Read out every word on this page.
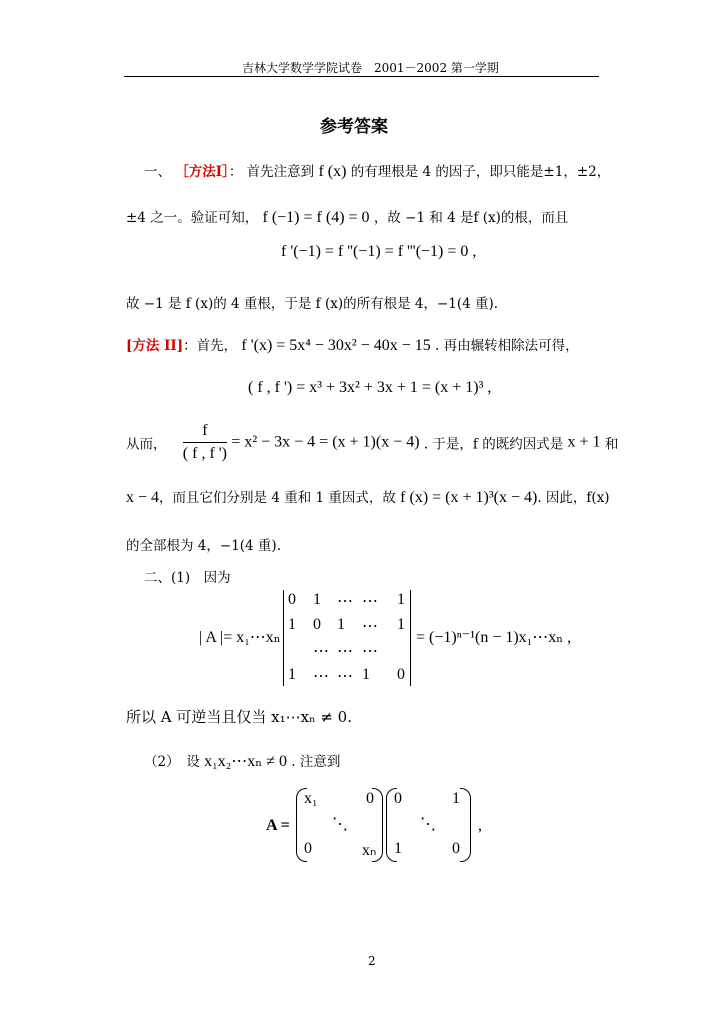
吉林大学数学学院试卷　2001－2002 第一学期
参考答案
一、 ［方法Ⅰ］： 首先注意到 f (x) 的有理根是 4 的因子，即只能是±1，±2，
±4 之一。验证可知， f (−1) = f (4) = 0 ，故 −1 和 4 是f (x)的根，而且
f '(−1) = f ''(−1) = f '''(−1) = 0 ,
故 −1 是 f (x)的 4 重根，于是 f (x)的所有根是 4，−1(4 重).
[方法 II]：首先， f '(x) = 5x⁴ − 30x² − 40x − 15 . 再由辗转相除法可得，
( f , f ') = x³ + 3x² + 3x + 1 = (x + 1)³ ,
从而， $\frac{f}{( f , f ')} = x^2 - 3x - 4 = (x + 1)(x - 4)$ . 于是，f 的既约因式是 x + 1 和
x − 4，而且它们分别是 4 重和 1 重因式，故 f (x) = (x + 1)³(x − 4). 因此，f(x)
的全部根为 4，−1(4 重).
二、(1)　因为
| A |= x₁⋯xₙ
0 1 ⋯ ⋯ 1
1 0 1 ⋯ 1
⋯ ⋯ ⋯
1 ⋯ ⋯ 1 0
= (−1)ⁿ⁻¹(n − 1)x₁⋯xₙ ,
所以 A 可逆当且仅当 x₁⋯xₙ ≠ 0.
（2）　设 x₁x₂⋯xₙ ≠ 0 . 注意到
A =
x₁	0
⋱
0	xₙ
0	1
⋱
1	0
,
2
